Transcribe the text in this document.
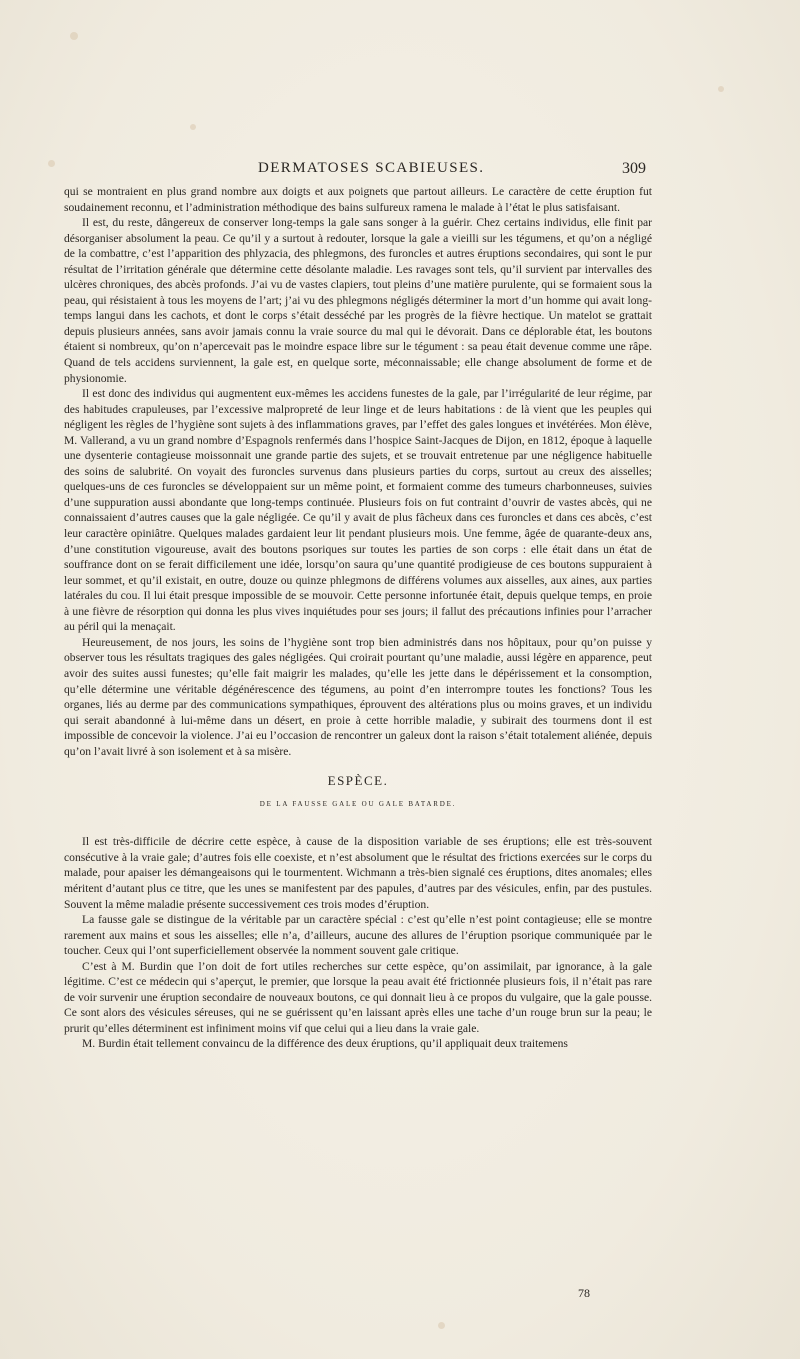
DERMATOSES SCABIEUSES.	309

qui se montraient en plus grand nombre aux doigts et aux poignets que partout ailleurs. Le caractère de cette éruption fut soudainement reconnu, et l’administration méthodique des bains sulfureux ramena le malade à l’état le plus satisfaisant.

Il est, du reste, dângereux de conserver long-temps la gale sans songer à la guérir. Chez certains individus, elle finit par désorganiser absolument la peau. Ce qu’il y a surtout à redouter, lorsque la gale a vieilli sur les tégumens, et qu’on a négligé de la combattre, c’est l’apparition des phlyzacia, des phlegmons, des furoncles et autres éruptions secondaires, qui sont le pur résultat de l’irritation générale que détermine cette désolante maladie. Les ravages sont tels, qu’il survient par intervalles des ulcères chroniques, des abcès profonds. J’ai vu de vastes clapiers, tout pleins d’une matière purulente, qui se formaient sous la peau, qui résistaient à tous les moyens de l’art; j’ai vu des phlegmons négligés déterminer la mort d’un homme qui avait long-temps langui dans les cachots, et dont le corps s’était desséché par les progrès de la fièvre hectique. Un matelot se grattait depuis plusieurs années, sans avoir jamais connu la vraie source du mal qui le dévorait. Dans ce déplorable état, les boutons étaient si nombreux, qu’on n’apercevait pas le moindre espace libre sur le tégument : sa peau était devenue comme une râpe. Quand de tels accidens surviennent, la gale est, en quelque sorte, méconnaissable; elle change absolument de forme et de physionomie.

Il est donc des individus qui augmentent eux-mêmes les accidens funestes de la gale, par l’irrégularité de leur régime, par des habitudes crapuleuses, par l’excessive malpropreté de leur linge et de leurs habitations : de là vient que les peuples qui négligent les règles de l’hygiène sont sujets à des inflammations graves, par l’effet des gales longues et invétérées. Mon élève, M. Vallerand, a vu un grand nombre d’Espagnols renfermés dans l’hospice Saint-Jacques de Dijon, en 1812, époque à laquelle une dysenterie contagieuse moissonnait une grande partie des sujets, et se trouvait entretenue par une négligence habituelle des soins de salubrité. On voyait des furoncles survenus dans plusieurs parties du corps, surtout au creux des aisselles; quelques-uns de ces furoncles se développaient sur un même point, et formaient comme des tumeurs charbonneuses, suivies d’une suppuration aussi abondante que long-temps continuée. Plusieurs fois on fut contraint d’ouvrir de vastes abcès, qui ne connaissaient d’autres causes que la gale négligée. Ce qu’il y avait de plus fâcheux dans ces furoncles et dans ces abcès, c’est leur caractère opiniâtre. Quelques malades gardaient leur lit pendant plusieurs mois. Une femme, âgée de quarante-deux ans, d’une constitution vigoureuse, avait des boutons psoriques sur toutes les parties de son corps : elle était dans un état de souffrance dont on se ferait difficilement une idée, lorsqu’on saura qu’une quantité prodigieuse de ces boutons suppuraient à leur sommet, et qu’il existait, en outre, douze ou quinze phlegmons de différens volumes aux aisselles, aux aines, aux parties latérales du cou. Il lui était presque impossible de se mouvoir. Cette personne infortunée était, depuis quelque temps, en proie à une fièvre de résorption qui donna les plus vives inquiétudes pour ses jours; il fallut des précautions infinies pour l’arracher au péril qui la menaçait.

Heureusement, de nos jours, les soins de l’hygiène sont trop bien administrés dans nos hôpitaux, pour qu’on puisse y observer tous les résultats tragiques des gales négligées. Qui croirait pourtant qu’une maladie, aussi légère en apparence, peut avoir des suites aussi funestes; qu’elle fait maigrir les malades, qu’elle les jette dans le dépérissement et la consomption, qu’elle détermine une véritable dégénérescence des tégumens, au point d’en interrompre toutes les fonctions? Tous les organes, liés au derme par des communications sympathiques, éprouvent des altérations plus ou moins graves, et un individu qui serait abandonné à lui-même dans un désert, en proie à cette horrible maladie, y subirait des tourmens dont il est impossible de concevoir la violence. J’ai eu l’occasion de rencontrer un galeux dont la raison s’était totalement aliénée, depuis qu’on l’avait livré à son isolement et à sa misère.

ESPÈCE.
DE LA FAUSSE GALE OU GALE BATARDE.

Il est très-difficile de décrire cette espèce, à cause de la disposition variable de ses éruptions; elle est très-souvent consécutive à la vraie gale; d’autres fois elle coexiste, et n’est absolument que le résultat des frictions exercées sur le corps du malade, pour apaiser les démangeaisons qui le tourmentent. Wichmann a très-bien signalé ces éruptions, dites anomales; elles méritent d’autant plus ce titre, que les unes se manifestent par des papules, d’autres par des vésicules, enfin, par des pustules. Souvent la même maladie présente successivement ces trois modes d’éruption.

La fausse gale se distingue de la véritable par un caractère spécial : c’est qu’elle n’est point contagieuse; elle se montre rarement aux mains et sous les aisselles; elle n’a, d’ailleurs, aucune des allures de l’éruption psorique communiquée par le toucher. Ceux qui l’ont superficiellement observée la nomment souvent gale critique.

C’est à M. Burdin que l’on doit de fort utiles recherches sur cette espèce, qu’on assimilait, par ignorance, à la gale légitime. C’est ce médecin qui s’aperçut, le premier, que lorsque la peau avait été frictionnée plusieurs fois, il n’était pas rare de voir survenir une éruption secondaire de nouveaux boutons, ce qui donnait lieu à ce propos du vulgaire, que la gale pousse. Ce sont alors des vésicules séreuses, qui ne se guérissent qu’en laissant après elles une tache d’un rouge brun sur la peau; le prurit qu’elles déterminent est infiniment moins vif que celui qui a lieu dans la vraie gale.

M. Burdin était tellement convaincu de la différence des deux éruptions, qu’il appliquait deux traitemens

78
